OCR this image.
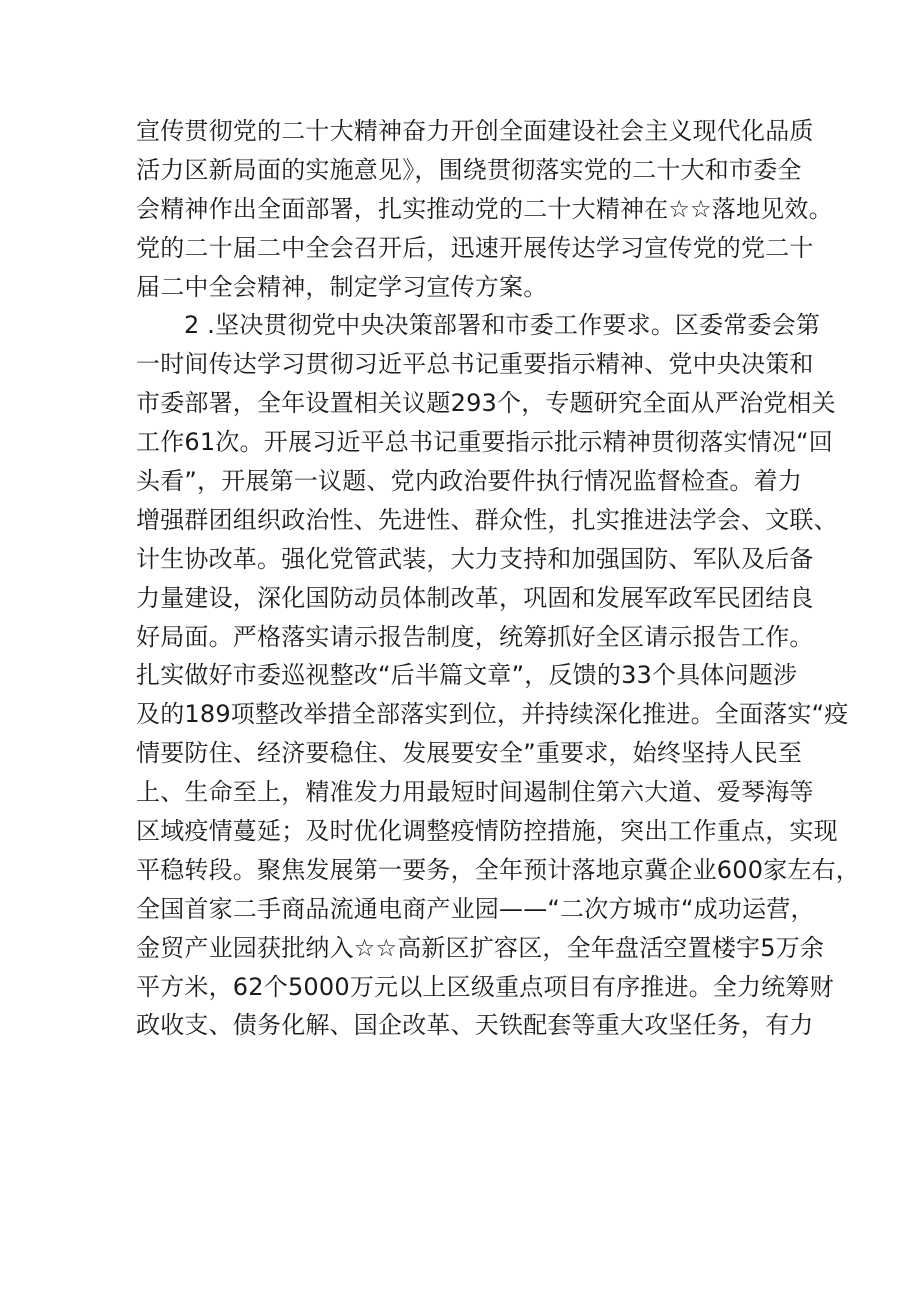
宣传贯彻党的二十大精神奋力开创全面建设社会主义现代化品质
活力区新局面的实施意见》，围绕贯彻落实党的二十大和市委全
会精神作出全面部署，扎实推动党的二十大精神在☆☆落地见效。
党的二十届二中全会召开后，迅速开展传达学习宣传党的党二十
届二中全会精神，制定学习宣传方案。
2 .坚决贯彻党中央决策部署和市委工作要求。区委常委会第
一时间传达学习贯彻习近平总书记重要指示精神、党中央决策和
市委部署，全年设置相关议题293个，专题研究全面从严治党相关
工作61次。开展习近平总书记重要指示批示精神贯彻落实情况“回
头看”，开展第一议题、党内政治要件执行情况监督检查。着力
增强群团组织政治性、先进性、群众性，扎实推进法学会、文联、
计生协改革。强化党管武装，大力支持和加强国防、军队及后备
力量建设，深化国防动员体制改革，巩固和发展军政军民团结良
好局面。严格落实请示报告制度，统筹抓好全区请示报告工作。
扎实做好市委巡视整改“后半篇文章”，反馈的33个具体问题涉
及的189项整改举措全部落实到位，并持续深化推进。全面落实“疫
情要防住、经济要稳住、发展要安全”重要求，始终坚持人民至
上、生命至上，精准发力用最短时间遏制住第六大道、爱琴海等
区域疫情蔓延；及时优化调整疫情防控措施，突出工作重点，实现
平稳转段。聚焦发展第一要务，全年预计落地京冀企业600家左右，
全国首家二手商品流通电商产业园——“二次方城市“成功运营，
金贸产业园获批纳入☆☆高新区扩容区，全年盘活空置楼宇5万余
平方米，62个5000万元以上区级重点项目有序推进。全力统筹财
政收支、债务化解、国企改革、天铁配套等重大攻坚任务，有力
